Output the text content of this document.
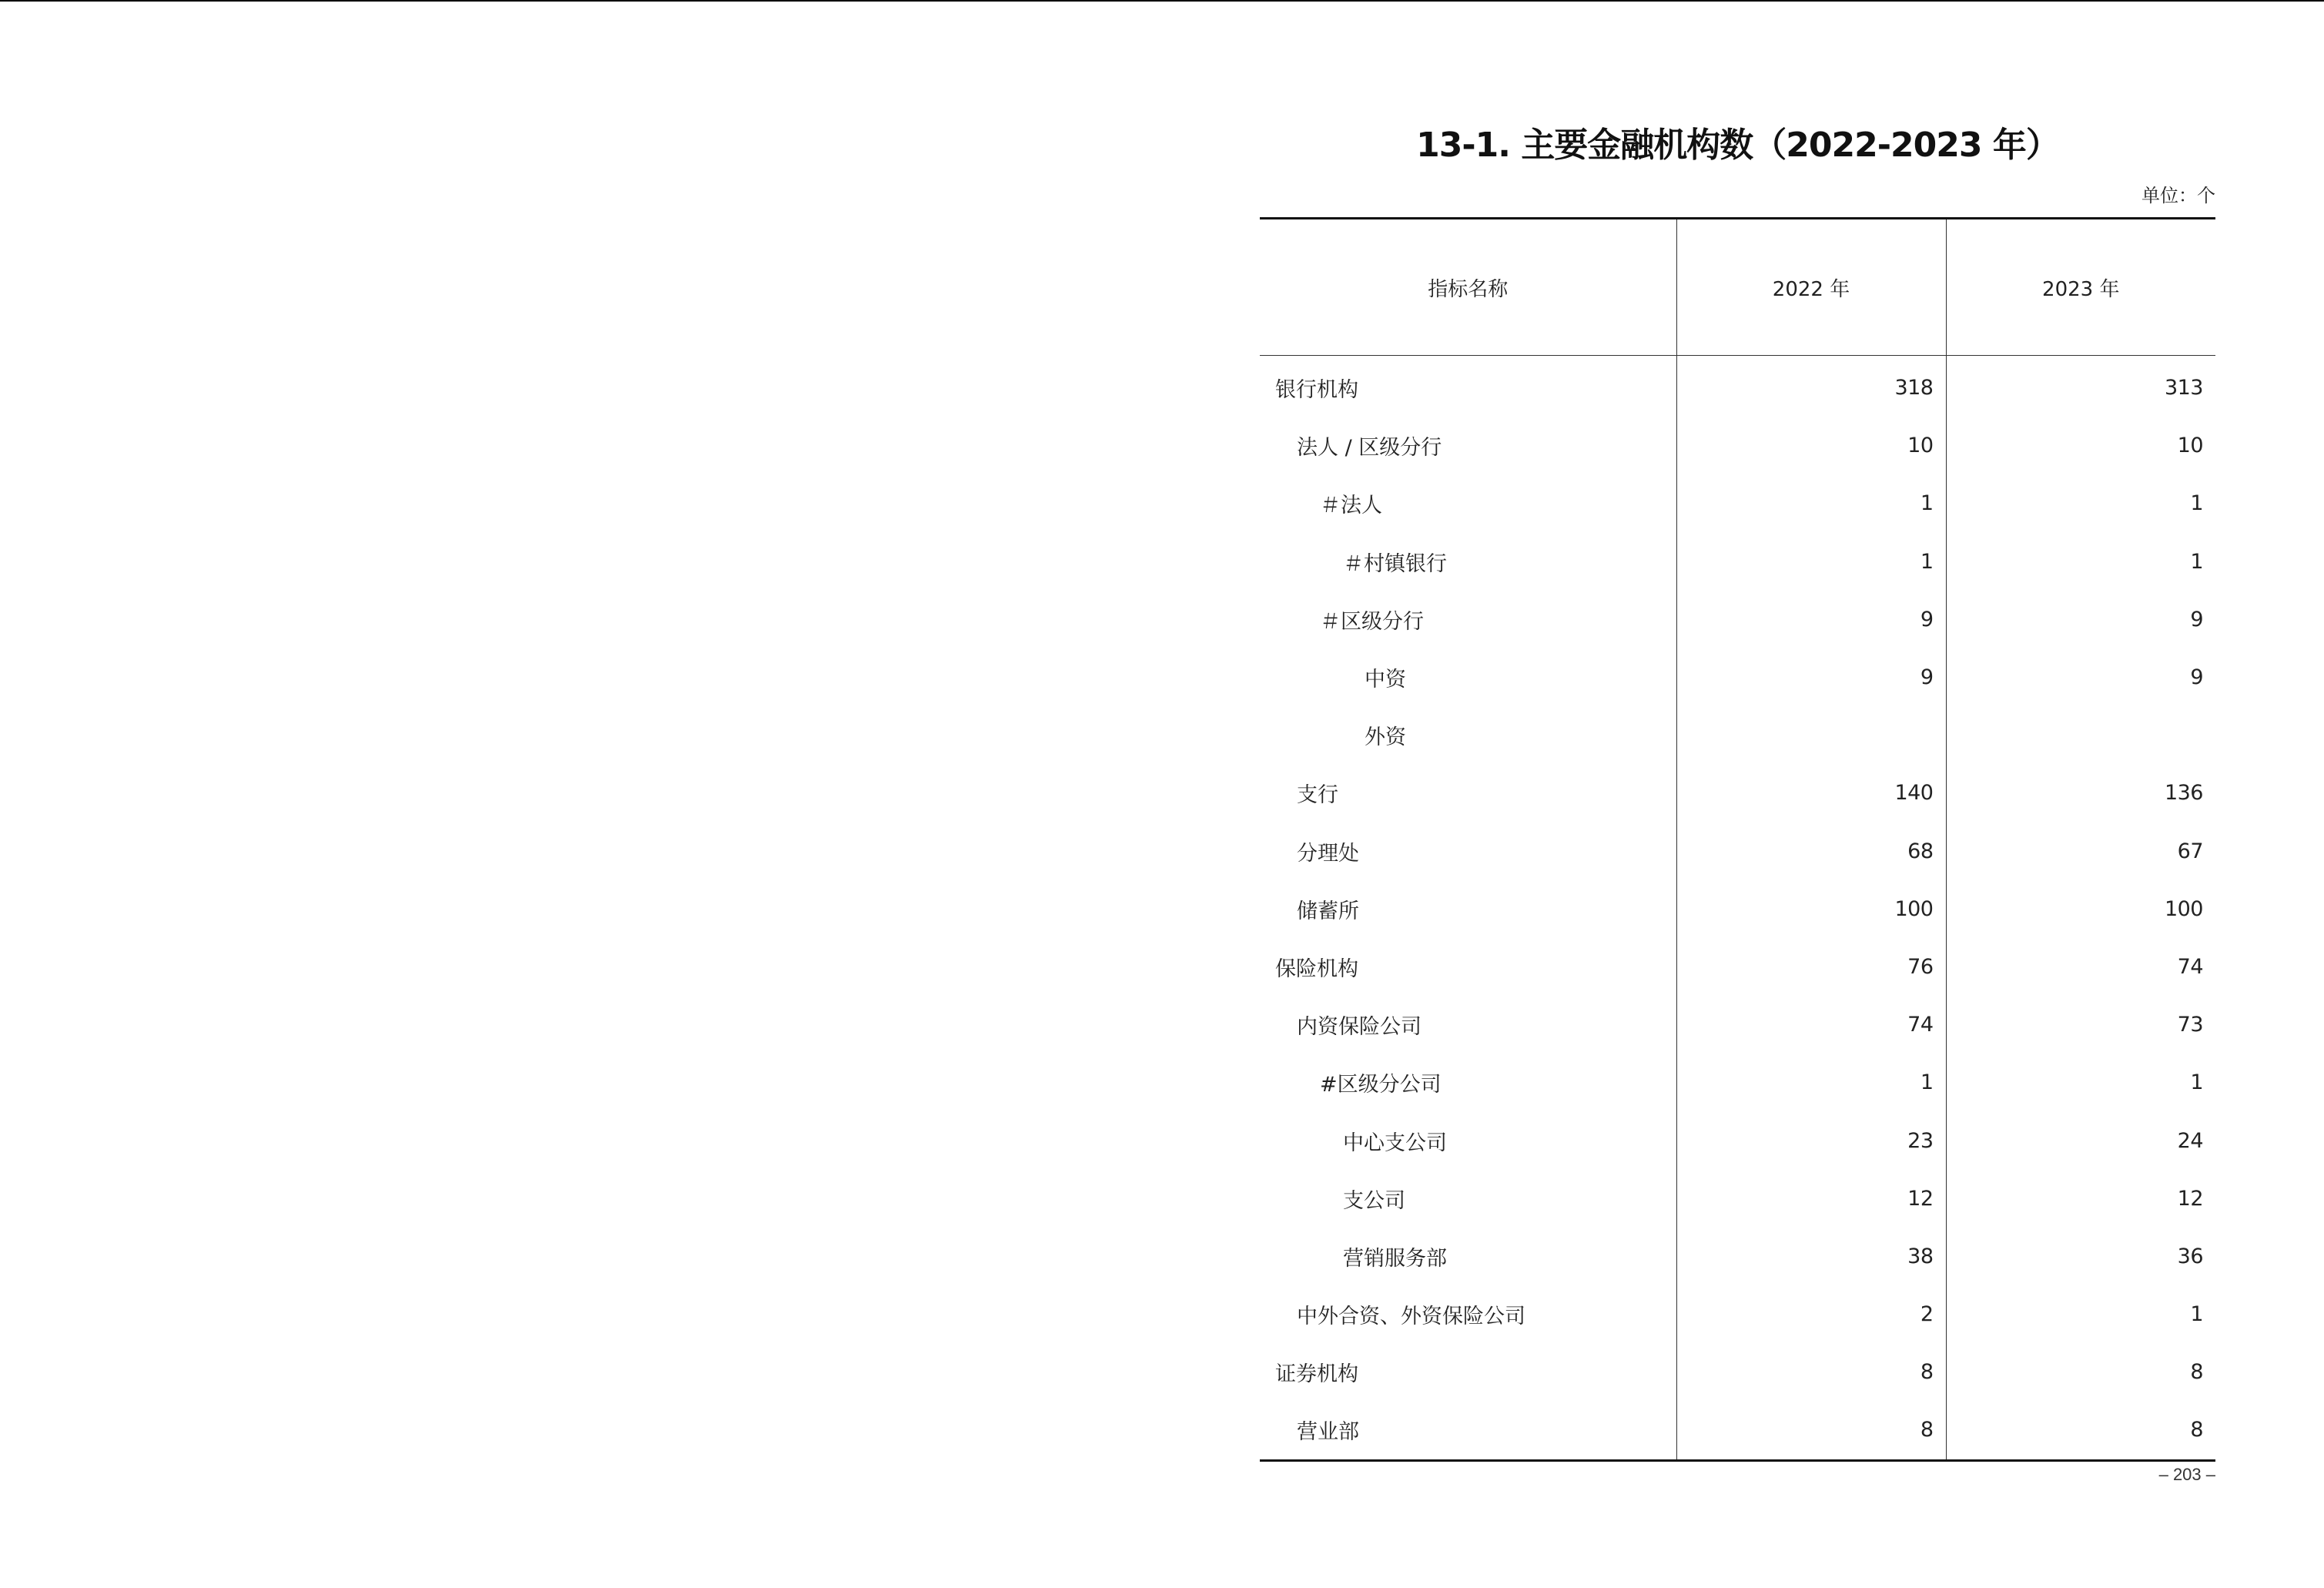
13-1. 主要金融机构数（2022-2023 年）
单位：个
指标名称	2022 年	2023 年
银行机构	318	313
法人 / 区级分行	10	10
＃法人	1	1
＃村镇银行	1	1
＃区级分行	9	9
中资	9	9
外资		
支行	140	136
分理处	68	67
储蓄所	100	100
保险机构	76	74
内资保险公司	74	73
#区级分公司	1	1
中心支公司	23	24
支公司	12	12
营销服务部	38	36
中外合资、外资保险公司	2	1
证券机构	8	8
营业部	8	8
– 203 –
